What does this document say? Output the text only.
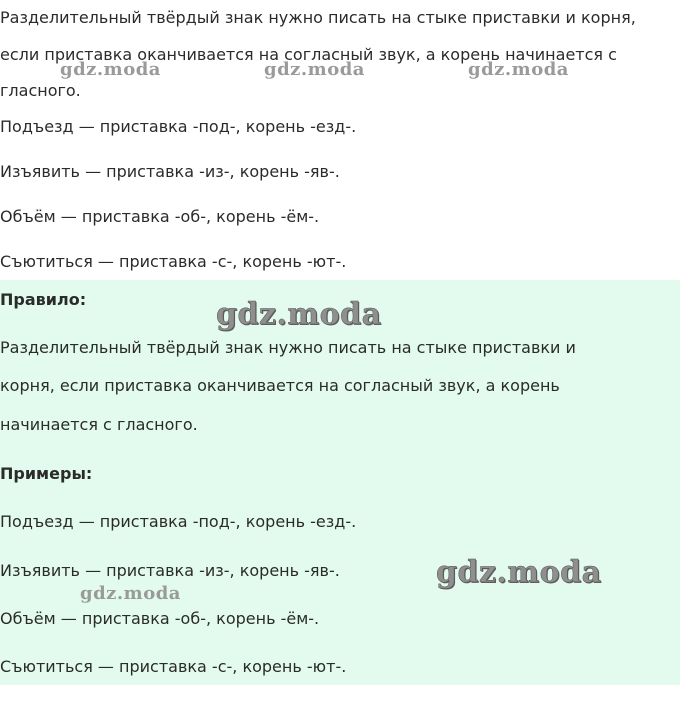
Разделительный твёрдый знак нужно писать на стыке приставки и корня,
если приставка оканчивается на согласный звук, а корень начинается с
гласного.
Подъезд — приставка -под-, корень -езд-.
Изъявить — приставка -из-, корень -яв-.
Объём — приставка -об-, корень -ём-.
Съютиться — приставка -с-, корень -ют-.
Правило:
Разделительный твёрдый знак нужно писать на стыке приставки и
корня, если приставка оканчивается на согласный звук, а корень
начинается с гласного.
Примеры:
Подъезд — приставка -под-, корень -езд-.
Изъявить — приставка -из-, корень -яв-.
Объём — приставка -об-, корень -ём-.
Съютиться — приставка -с-, корень -ют-.
gdz.moda	gdz.moda	gdz.moda
gdz.moda
gdz.moda
gdz.moda
